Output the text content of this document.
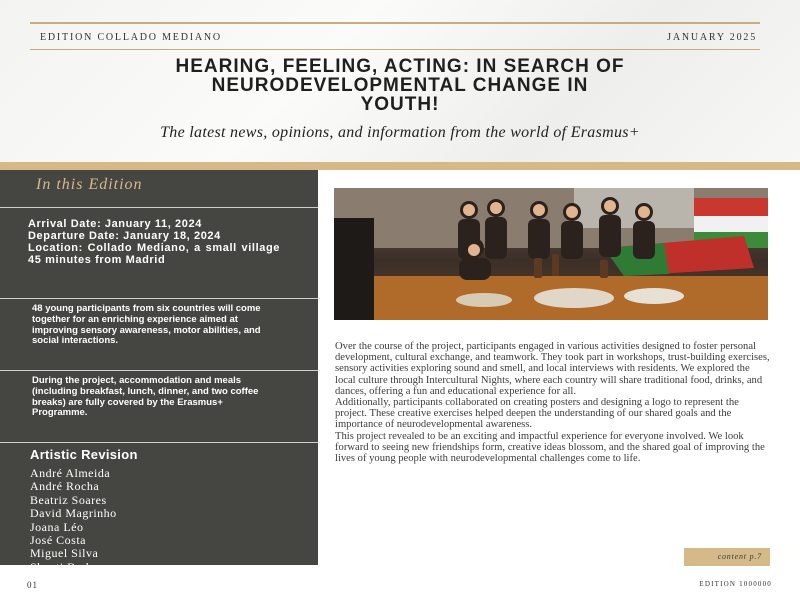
EDITION COLLADO MEDIANO	JANUARY 2025
HEARING, FEELING, ACTING: IN SEARCH OF
NEURODEVELOPMENTAL CHANGE IN
YOUTH!
The latest news, opinions, and information from the world of Erasmus+
In this Edition

Arrival Date: January 11, 2024

Departure Date: January 18, 2024

Location: Collado Mediano, a small village 45 minutes from Madrid

48 young participants from six countries will come together for an enriching experience aimed at improving sensory awareness, motor abilities, and social interactions.
During the project, accommodation and meals (including breakfast, lunch, dinner, and two coffee breaks) are fully covered by the Erasmus+ Programme.
Artistic Revision
André Almeida
André Rocha
Beatriz Soares
David Magrinho
Joana Léo
José Costa
Miguel Silva
Shanti Barbosa

Over the course of the project, participants engaged in various activities designed to foster personal development, cultural exchange, and teamwork. They took part in workshops, trust-building exercises, sensory activities exploring sound and smell, and local interviews with residents. We explored the local culture through Intercultural Nights, where each country will share traditional food, drinks, and dances, offering a fun and educational experience for all.

Additionally, participants collaborated on creating posters and designing a logo to represent the project. These creative exercises helped deepen the understanding of our shared goals and the importance of neurodevelopmental awareness.

This project revealed to be an exciting and impactful experience for everyone involved. We look forward to seeing new friendships form, creative ideas blossom, and the shared goal of improving the lives of young people with neurodevelopmental challenges come to life.

content p.7
01	EDITION 1000000
